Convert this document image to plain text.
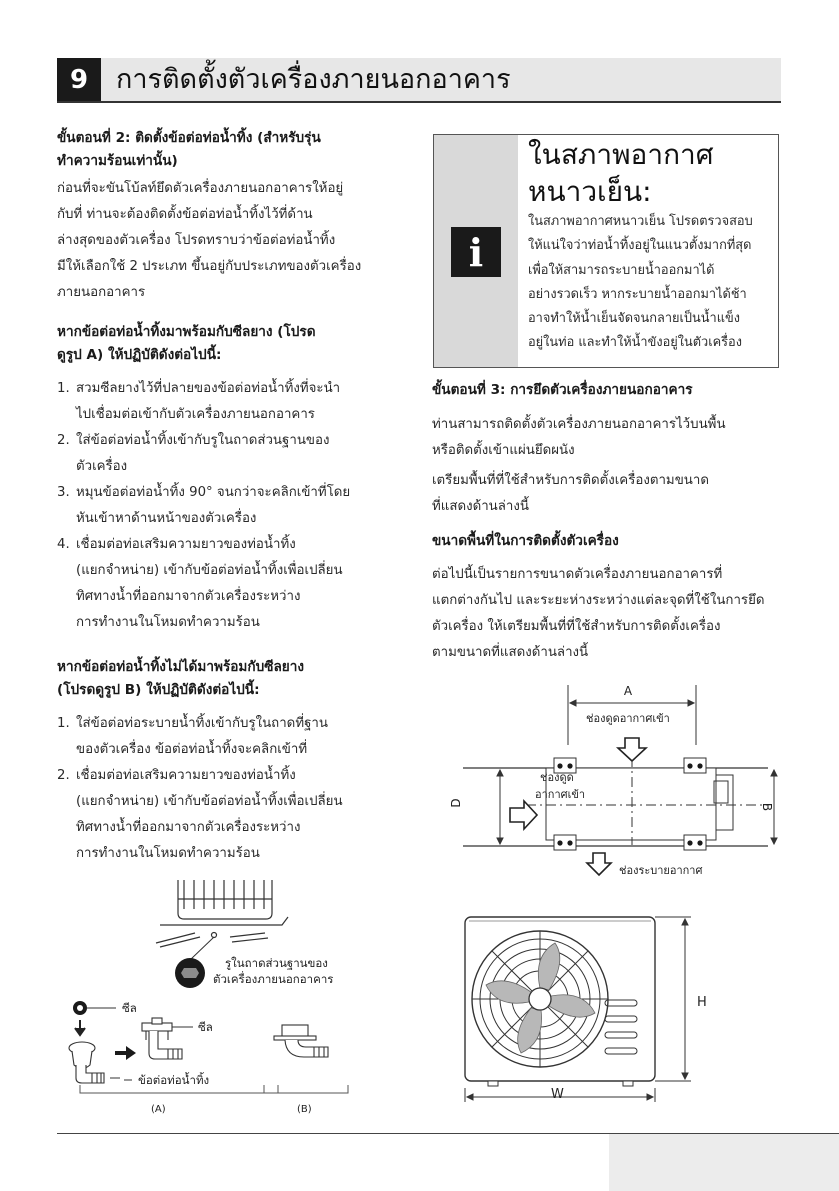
9	การติดตั้งตัวเครื่องภายนอกอาคาร
ขั้นตอนที่ 2: ติดตั้งข้อต่อท่อน้ำทิ้ง (สำหรับรุ่น
ทำความร้อนเท่านั้น)
ก่อนที่จะขันโบ้ลท์ยึดตัวเครื่องภายนอกอาคารให้อยู่
กับที่ ท่านจะต้องติดตั้งข้อต่อท่อน้ำทิ้งไว้ที่ด้าน
ล่างสุดของตัวเครื่อง โปรดทราบว่าข้อต่อท่อน้ำทิ้ง
มีให้เลือกใช้ 2 ประเภท ขึ้นอยู่กับประเภทของตัวเครื่อง
ภายนอกอาคาร
หากข้อต่อท่อน้ำทิ้งมาพร้อมกับซีลยาง (โปรด
ดูรูป A) ให้ปฏิบัติดังต่อไปนี้:
1. สวมซีลยางไว้ที่ปลายของข้อต่อท่อน้ำทิ้งที่จะนำ
ไปเชื่อมต่อเข้ากับตัวเครื่องภายนอกอาคาร
2. ใส่ข้อต่อท่อน้ำทิ้งเข้ากับรูในถาดส่วนฐานของ
ตัวเครื่อง
3. หมุนข้อต่อท่อน้ำทิ้ง 90° จนกว่าจะคลิกเข้าที่โดย
หันเข้าหาด้านหน้าของตัวเครื่อง
4. เชื่อมต่อท่อเสริมความยาวของท่อน้ำทิ้ง
(แยกจำหน่าย) เข้ากับข้อต่อท่อน้ำทิ้งเพื่อเปลี่ยน
ทิศทางน้ำที่ออกมาจากตัวเครื่องระหว่าง
การทำงานในโหมดทำความร้อน
หากข้อต่อท่อน้ำทิ้งไม่ได้มาพร้อมกับซีลยาง
(โปรดดูรูป B) ให้ปฏิบัติดังต่อไปนี้:
1. ใส่ข้อต่อท่อระบายน้ำทิ้งเข้ากับรูในถาดที่ฐาน
ของตัวเครื่อง ข้อต่อท่อน้ำทิ้งจะคลิกเข้าที่
2. เชื่อมต่อท่อเสริมความยาวของท่อน้ำทิ้ง
(แยกจำหน่าย) เข้ากับข้อต่อท่อน้ำทิ้งเพื่อเปลี่ยน
ทิศทางน้ำที่ออกมาจากตัวเครื่องระหว่าง
การทำงานในโหมดทำความร้อน
รูในถาดส่วนฐานของ
ตัวเครื่องภายนอกอาคาร
ซีล
ซีล
ข้อต่อท่อน้ำทิ้ง
(A)	(B)
i
ในสภาพอากาศ
หนาวเย็น:
ในสภาพอากาศหนาวเย็น โปรดตรวจสอบ
ให้แน่ใจว่าท่อน้ำทิ้งอยู่ในแนวตั้งมากที่สุด
เพื่อให้สามารถระบายน้ำออกมาได้
อย่างรวดเร็ว หากระบายน้ำออกมาได้ช้า
อาจทำให้น้ำเย็นจัดจนกลายเป็นน้ำแข็ง
อยู่ในท่อ และทำให้น้ำขังอยู่ในตัวเครื่อง
ขั้นตอนที่ 3: การยึดตัวเครื่องภายนอกอาคาร
ท่านสามารถติดตั้งตัวเครื่องภายนอกอาคารไว้บนพื้น
หรือติดตั้งเข้าแผ่นยึดผนัง
เตรียมพื้นที่ที่ใช้สำหรับการติดตั้งเครื่องตามขนาด
ที่แสดงด้านล่างนี้
ขนาดพื้นที่ในการติดตั้งตัวเครื่อง
ต่อไปนี้เป็นรายการขนาดตัวเครื่องภายนอกอาคารที่
แตกต่างกันไป และระยะห่างระหว่างแต่ละจุดที่ใช้ในการยึด
ตัวเครื่อง ให้เตรียมพื้นที่ที่ใช้สำหรับการติดตั้งเครื่อง
ตามขนาดที่แสดงด้านล่างนี้
A
ช่องดูดอากาศเข้า
ช่องดูด
อากาศเข้า
ช่องระบายอากาศ
D	B
H
W
